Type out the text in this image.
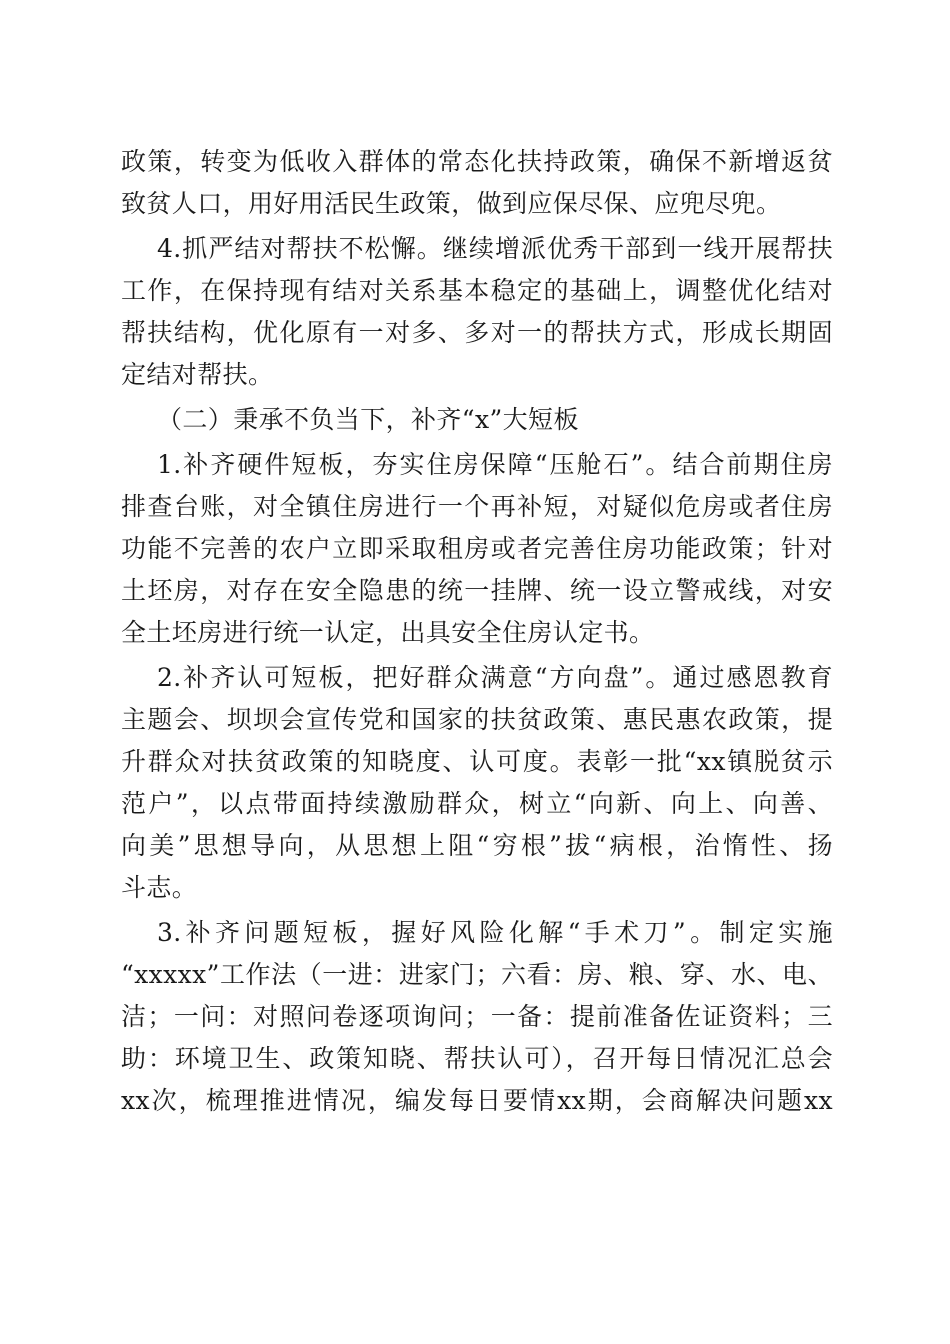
政策，转变为低收入群体的常态化扶持政策，确保不新增返贫
致贫人口，用好用活民生政策，做到应保尽保、应兜尽兜。
4.抓严结对帮扶不松懈。继续增派优秀干部到一线开展帮扶
工作，在保持现有结对关系基本稳定的基础上，调整优化结对
帮扶结构，优化原有一对多、多对一的帮扶方式，形成长期固
定结对帮扶。
（二）秉承不负当下，补齐“x”大短板
1.补齐硬件短板，夯实住房保障“压舱石”。结合前期住房
排查台账，对全镇住房进行一个再补短，对疑似危房或者住房
功能不完善的农户立即采取租房或者完善住房功能政策；针对
土坯房，对存在安全隐患的统一挂牌、统一设立警戒线，对安
全土坯房进行统一认定，出具安全住房认定书。
2.补齐认可短板，把好群众满意“方向盘”。通过感恩教育
主题会、坝坝会宣传党和国家的扶贫政策、惠民惠农政策，提
升群众对扶贫政策的知晓度、认可度。表彰一批“xx镇脱贫示
范户”，以点带面持续激励群众，树立“向新、向上、向善、
向美”思想导向，从思想上阻“穷根”拔“病根，治惰性、扬
斗志。
3.补齐问题短板，握好风险化解“手术刀”。制定实施
“xxxxx”工作法（一进：进家门；六看：房、粮、穿、水、电、
洁；一问：对照问卷逐项询问；一备：提前准备佐证资料；三
助：环境卫生、政策知晓、帮扶认可），召开每日情况汇总会
xx次，梳理推进情况，编发每日要情xx期，会商解决问题xx
